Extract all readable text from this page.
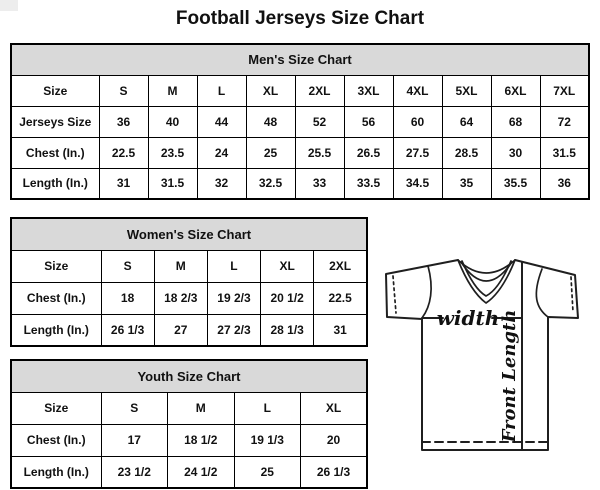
Football Jerseys Size Chart
Men's Size Chart										
Size	S	M	L	XL	2XL	3XL	4XL	5XL	6XL	7XL
Jerseys Size	36	40	44	48	52	56	60	64	68	72
Chest (In.)	22.5	23.5	24	25	25.5	26.5	27.5	28.5	30	31.5
Length (In.)	31	31.5	32	32.5	33	33.5	34.5	35	35.5	36
Women's Size Chart					
Size	S	M	L	XL	2XL
Chest (In.)	18	18 2/3	19 2/3	20 1/2	22.5
Length (In.)	26 1/3	27	27 2/3	28 1/3	31
Youth Size Chart				
Size	S	M	L	XL
Chest (In.)	17	18 1/2	19 1/3	20
Length (In.)	23 1/2	24 1/2	25	26 1/3
width Front Length
